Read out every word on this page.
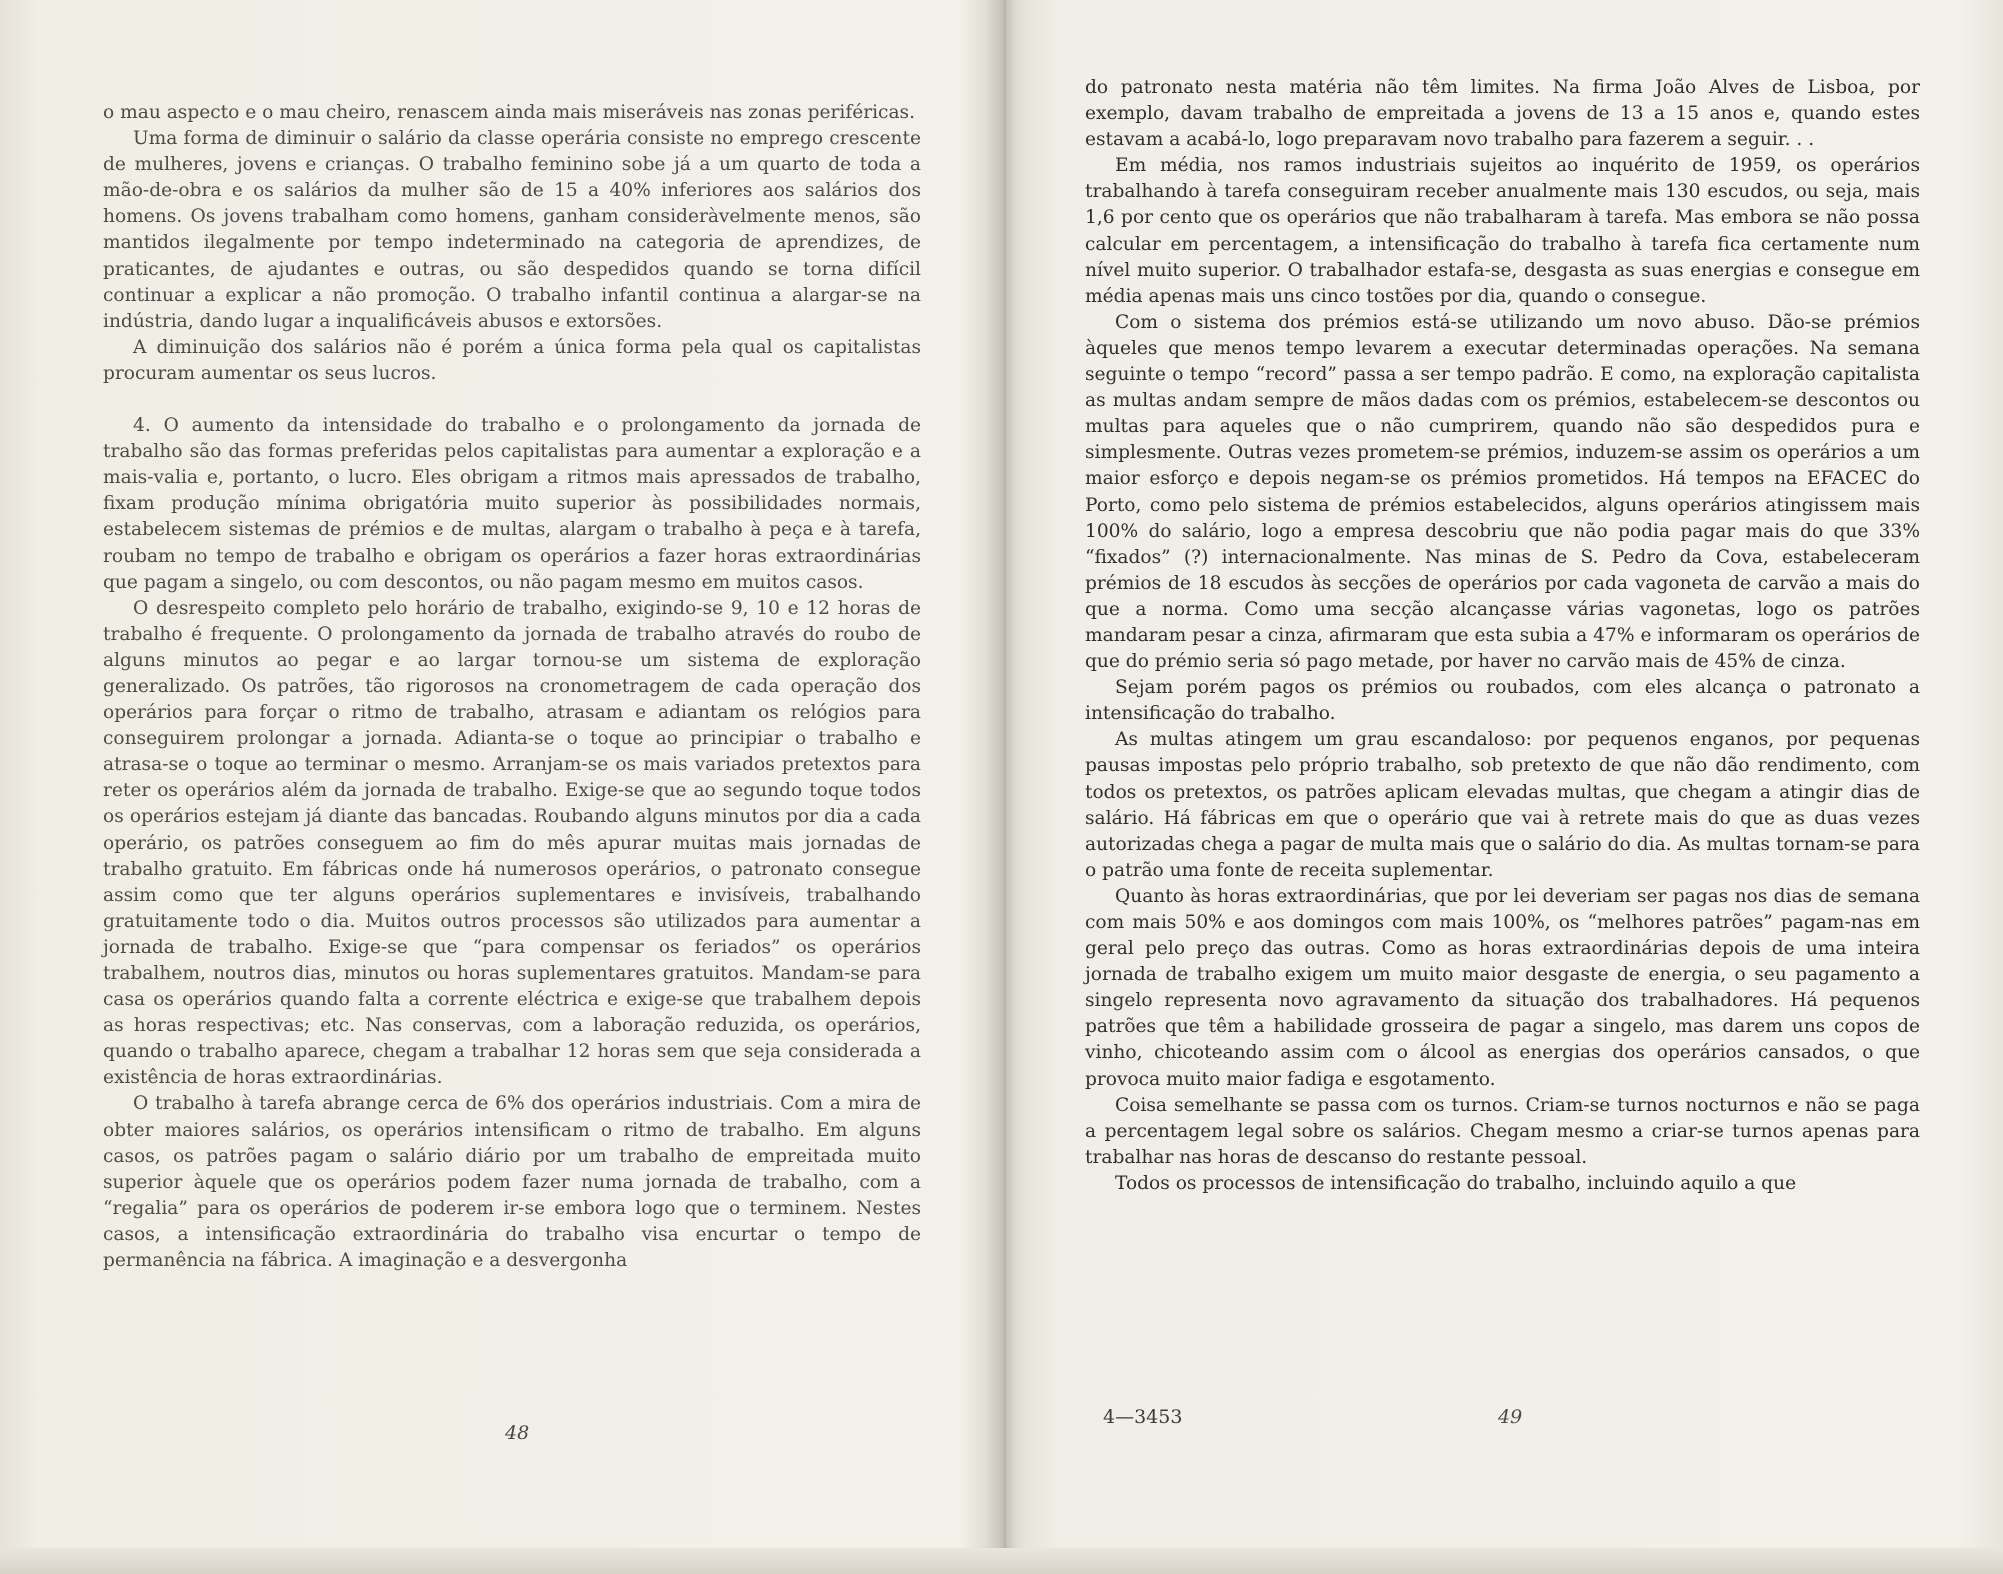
o mau aspecto e o mau cheiro, renascem ainda mais miseráveis nas zonas periféricas.

Uma forma de diminuir o salário da classe operária consiste no emprego crescente de mulheres, jovens e crianças. O trabalho feminino sobe já a um quarto de toda a mão-de-obra e os salários da mulher são de 15 a 40% inferiores aos salários dos homens. Os jovens trabalham como homens, ganham consideràvelmente menos, são mantidos ilegalmente por tempo indeterminado na categoria de aprendizes, de praticantes, de ajudantes e outras, ou são despedidos quando se torna difícil continuar a explicar a não promoção. O trabalho infantil continua a alargar-se na indústria, dando lugar a inqualificáveis abusos e extorsões.

A diminuição dos salários não é porém a única forma pela qual os capitalistas procuram aumentar os seus lucros.

4. O aumento da intensidade do trabalho e o prolongamento da jornada de trabalho são das formas preferidas pelos capitalistas para aumentar a exploração e a mais-valia e, portanto, o lucro. Eles obrigam a ritmos mais apressados de trabalho, fixam produção mínima obrigatória muito superior às possibilidades normais, estabelecem sistemas de prémios e de multas, alargam o trabalho à peça e à tarefa, roubam no tempo de trabalho e obrigam os operários a fazer horas extraordinárias que pagam a singelo, ou com descontos, ou não pagam mesmo em muitos casos.

O desrespeito completo pelo horário de trabalho, exigindo-se 9, 10 e 12 horas de trabalho é frequente. O prolongamento da jornada de trabalho através do roubo de alguns minutos ao pegar e ao largar tornou-se um sistema de exploração generalizado. Os patrões, tão rigorosos na cronometragem de cada operação dos operários para forçar o ritmo de trabalho, atrasam e adiantam os relógios para conseguirem prolongar a jornada. Adianta-se o toque ao principiar o trabalho e atrasa-se o toque ao terminar o mesmo. Arranjam-se os mais variados pretextos para reter os operários além da jornada de trabalho. Exige-se que ao segundo toque todos os operários estejam já diante das bancadas. Roubando alguns minutos por dia a cada operário, os patrões conseguem ao fim do mês apurar muitas mais jornadas de trabalho gratuito. Em fábricas onde há numerosos operários, o patronato consegue assim como que ter alguns operários suplementares e invisíveis, trabalhando gratuitamente todo o dia. Muitos outros processos são utilizados para aumentar a jornada de trabalho. Exige-se que “para compensar os feriados” os operários trabalhem, noutros dias, minutos ou horas suplementares gratuitos. Mandam-se para casa os operários quando falta a corrente eléctrica e exige-se que trabalhem depois as horas respectivas; etc. Nas conservas, com a laboração reduzida, os operários, quando o trabalho aparece, chegam a trabalhar 12 horas sem que seja considerada a existência de horas extraordinárias.

O trabalho à tarefa abrange cerca de 6% dos operários industriais. Com a mira de obter maiores salários, os operários intensificam o ritmo de trabalho. Em alguns casos, os patrões pagam o salário diário por um trabalho de empreitada muito superior àquele que os operários podem fazer numa jornada de trabalho, com a “regalia” para os operários de poderem ir-se embora logo que o terminem. Nestes casos, a intensificação extraordinária do trabalho visa encurtar o tempo de permanência na fábrica. A imaginação e a desvergonha

48

do patronato nesta matéria não têm limites. Na firma João Alves de Lisboa, por exemplo, davam trabalho de empreitada a jovens de 13 a 15 anos e, quando estes estavam a acabá-lo, logo preparavam novo trabalho para fazerem a seguir. . .

Em média, nos ramos industriais sujeitos ao inquérito de 1959, os operários trabalhando à tarefa conseguiram receber anualmente mais 130 escudos, ou seja, mais 1,6 por cento que os operários que não trabalharam à tarefa. Mas embora se não possa calcular em percentagem, a intensificação do trabalho à tarefa fica certamente num nível muito superior. O trabalhador estafa-se, desgasta as suas energias e consegue em média apenas mais uns cinco tostões por dia, quando o consegue.

Com o sistema dos prémios está-se utilizando um novo abuso. Dão-se prémios àqueles que menos tempo levarem a executar determinadas operações. Na semana seguinte o tempo “record” passa a ser tempo padrão. E como, na exploração capitalista as multas andam sempre de mãos dadas com os prémios, estabelecem-se descontos ou multas para aqueles que o não cumprirem, quando não são despedidos pura e simplesmente. Outras vezes prometem-se prémios, induzem-se assim os operários a um maior esforço e depois negam-se os prémios prometidos. Há tempos na EFACEC do Porto, como pelo sistema de prémios estabelecidos, alguns operários atingissem mais 100% do salário, logo a empresa descobriu que não podia pagar mais do que 33% “fixados” (?) internacionalmente. Nas minas de S. Pedro da Cova, estabeleceram prémios de 18 escudos às secções de operários por cada vagoneta de carvão a mais do que a norma. Como uma secção alcançasse várias vagonetas, logo os patrões mandaram pesar a cinza, afirmaram que esta subia a 47% e informaram os operários de que do prémio seria só pago metade, por haver no carvão mais de 45% de cinza.

Sejam porém pagos os prémios ou roubados, com eles alcança o patronato a intensificação do trabalho.

As multas atingem um grau escandaloso: por pequenos enganos, por pequenas pausas impostas pelo próprio trabalho, sob pretexto de que não dão rendimento, com todos os pretextos, os patrões aplicam elevadas multas, que chegam a atingir dias de salário. Há fábricas em que o operário que vai à retrete mais do que as duas vezes autorizadas chega a pagar de multa mais que o salário do dia. As multas tornam-se para o patrão uma fonte de receita suplementar.

Quanto às horas extraordinárias, que por lei deveriam ser pagas nos dias de semana com mais 50% e aos domingos com mais 100%, os “melhores patrões” pagam-nas em geral pelo preço das outras. Como as horas extraordinárias depois de uma inteira jornada de trabalho exigem um muito maior desgaste de energia, o seu pagamento a singelo representa novo agravamento da situação dos trabalhadores. Há pequenos patrões que têm a habilidade grosseira de pagar a singelo, mas darem uns copos de vinho, chicoteando assim com o álcool as energias dos operários cansados, o que provoca muito maior fadiga e esgotamento.

Coisa semelhante se passa com os turnos. Criam-se turnos nocturnos e não se paga a percentagem legal sobre os salários. Chegam mesmo a criar-se turnos apenas para trabalhar nas horas de descanso do restante pessoal.

Todos os processos de intensificação do trabalho, incluindo aquilo a que

4—3453	49
